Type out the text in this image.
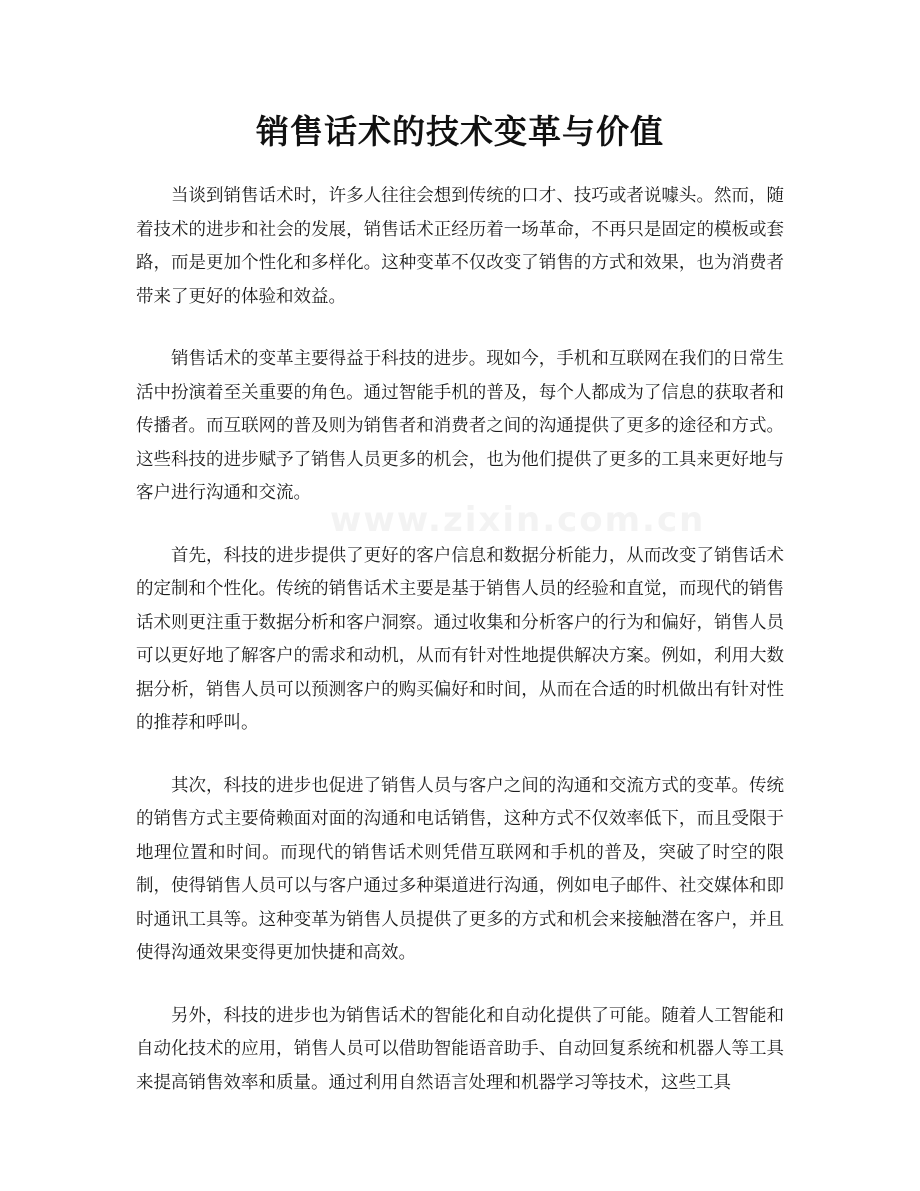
销售话术的技术变革与价值
www.zixin.com.cn

当谈到销售话术时，许多人往往会想到传统的口才、技巧或者说噱头。然而，随着技术的进步和社会的发展，销售话术正经历着一场革命，不再只是固定的模板或套路，而是更加个性化和多样化。这种变革不仅改变了销售的方式和效果，也为消费者带来了更好的体验和效益。

销售话术的变革主要得益于科技的进步。现如今，手机和互联网在我们的日常生活中扮演着至关重要的角色。通过智能手机的普及，每个人都成为了信息的获取者和传播者。而互联网的普及则为销售者和消费者之间的沟通提供了更多的途径和方式。这些科技的进步赋予了销售人员更多的机会，也为他们提供了更多的工具来更好地与客户进行沟通和交流。

首先，科技的进步提供了更好的客户信息和数据分析能力，从而改变了销售话术的定制和个性化。传统的销售话术主要是基于销售人员的经验和直觉，而现代的销售话术则更注重于数据分析和客户洞察。通过收集和分析客户的行为和偏好，销售人员可以更好地了解客户的需求和动机，从而有针对性地提供解决方案。例如，利用大数据分析，销售人员可以预测客户的购买偏好和时间，从而在合适的时机做出有针对性的推荐和呼叫。

其次，科技的进步也促进了销售人员与客户之间的沟通和交流方式的变革。传统的销售方式主要倚赖面对面的沟通和电话销售，这种方式不仅效率低下，而且受限于地理位置和时间。而现代的销售话术则凭借互联网和手机的普及，突破了时空的限制，使得销售人员可以与客户通过多种渠道进行沟通，例如电子邮件、社交媒体和即时通讯工具等。这种变革为销售人员提供了更多的方式和机会来接触潜在客户，并且使得沟通效果变得更加快捷和高效。

另外，科技的进步也为销售话术的智能化和自动化提供了可能。随着人工智能和自动化技术的应用，销售人员可以借助智能语音助手、自动回复系统和机器人等工具来提高销售效率和质量。通过利用自然语言处理和机器学习等技术，这些工具
